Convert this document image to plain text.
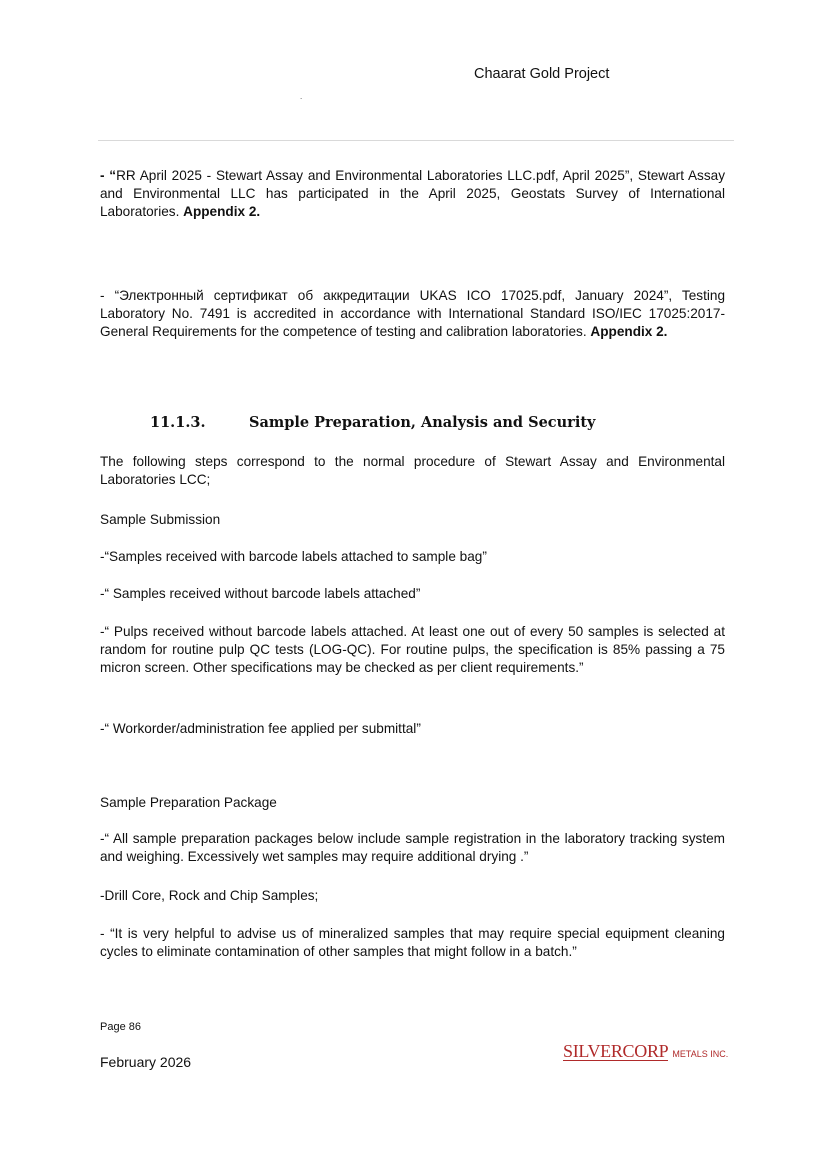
Chaarat Gold Project
.
- “RR April 2025 - Stewart Assay and Environmental Laboratories LLC.pdf, April 2025”, Stewart Assay and Environmental LLC has participated in the April 2025, Geostats Survey of International Laboratories. Appendix 2.
- “Электронный сертификат об аккредитации UKAS ICO 17025.pdf, January 2024”, Testing Laboratory No. 7491 is accredited in accordance with International Standard ISO/IEC 17025:2017- General Requirements for the competence of testing and calibration laboratories. Appendix 2.
11.1.3.	Sample Preparation, Analysis and Security
The following steps correspond to the normal procedure of Stewart Assay and Environmental Laboratories LCC;
Sample Submission
-“Samples received with barcode labels attached to sample bag”
-“ Samples received without barcode labels attached”
-“ Pulps received without barcode labels attached. At least one out of every 50 samples is selected at random for routine pulp QC tests (LOG-QC). For routine pulps, the specification is 85% passing a 75 micron screen. Other specifications may be checked as per client requirements.”
-“ Workorder/administration fee applied per submittal”
Sample Preparation Package
-“ All sample preparation packages below include sample registration in the laboratory tracking system and weighing. Excessively wet samples may require additional drying .”
-Drill Core, Rock and Chip Samples;
- “It is very helpful to advise us of mineralized samples that may require special equipment cleaning cycles to eliminate contamination of other samples that might follow in a batch.”
Page 86
February 2026
SILVERCORP METALS INC.
